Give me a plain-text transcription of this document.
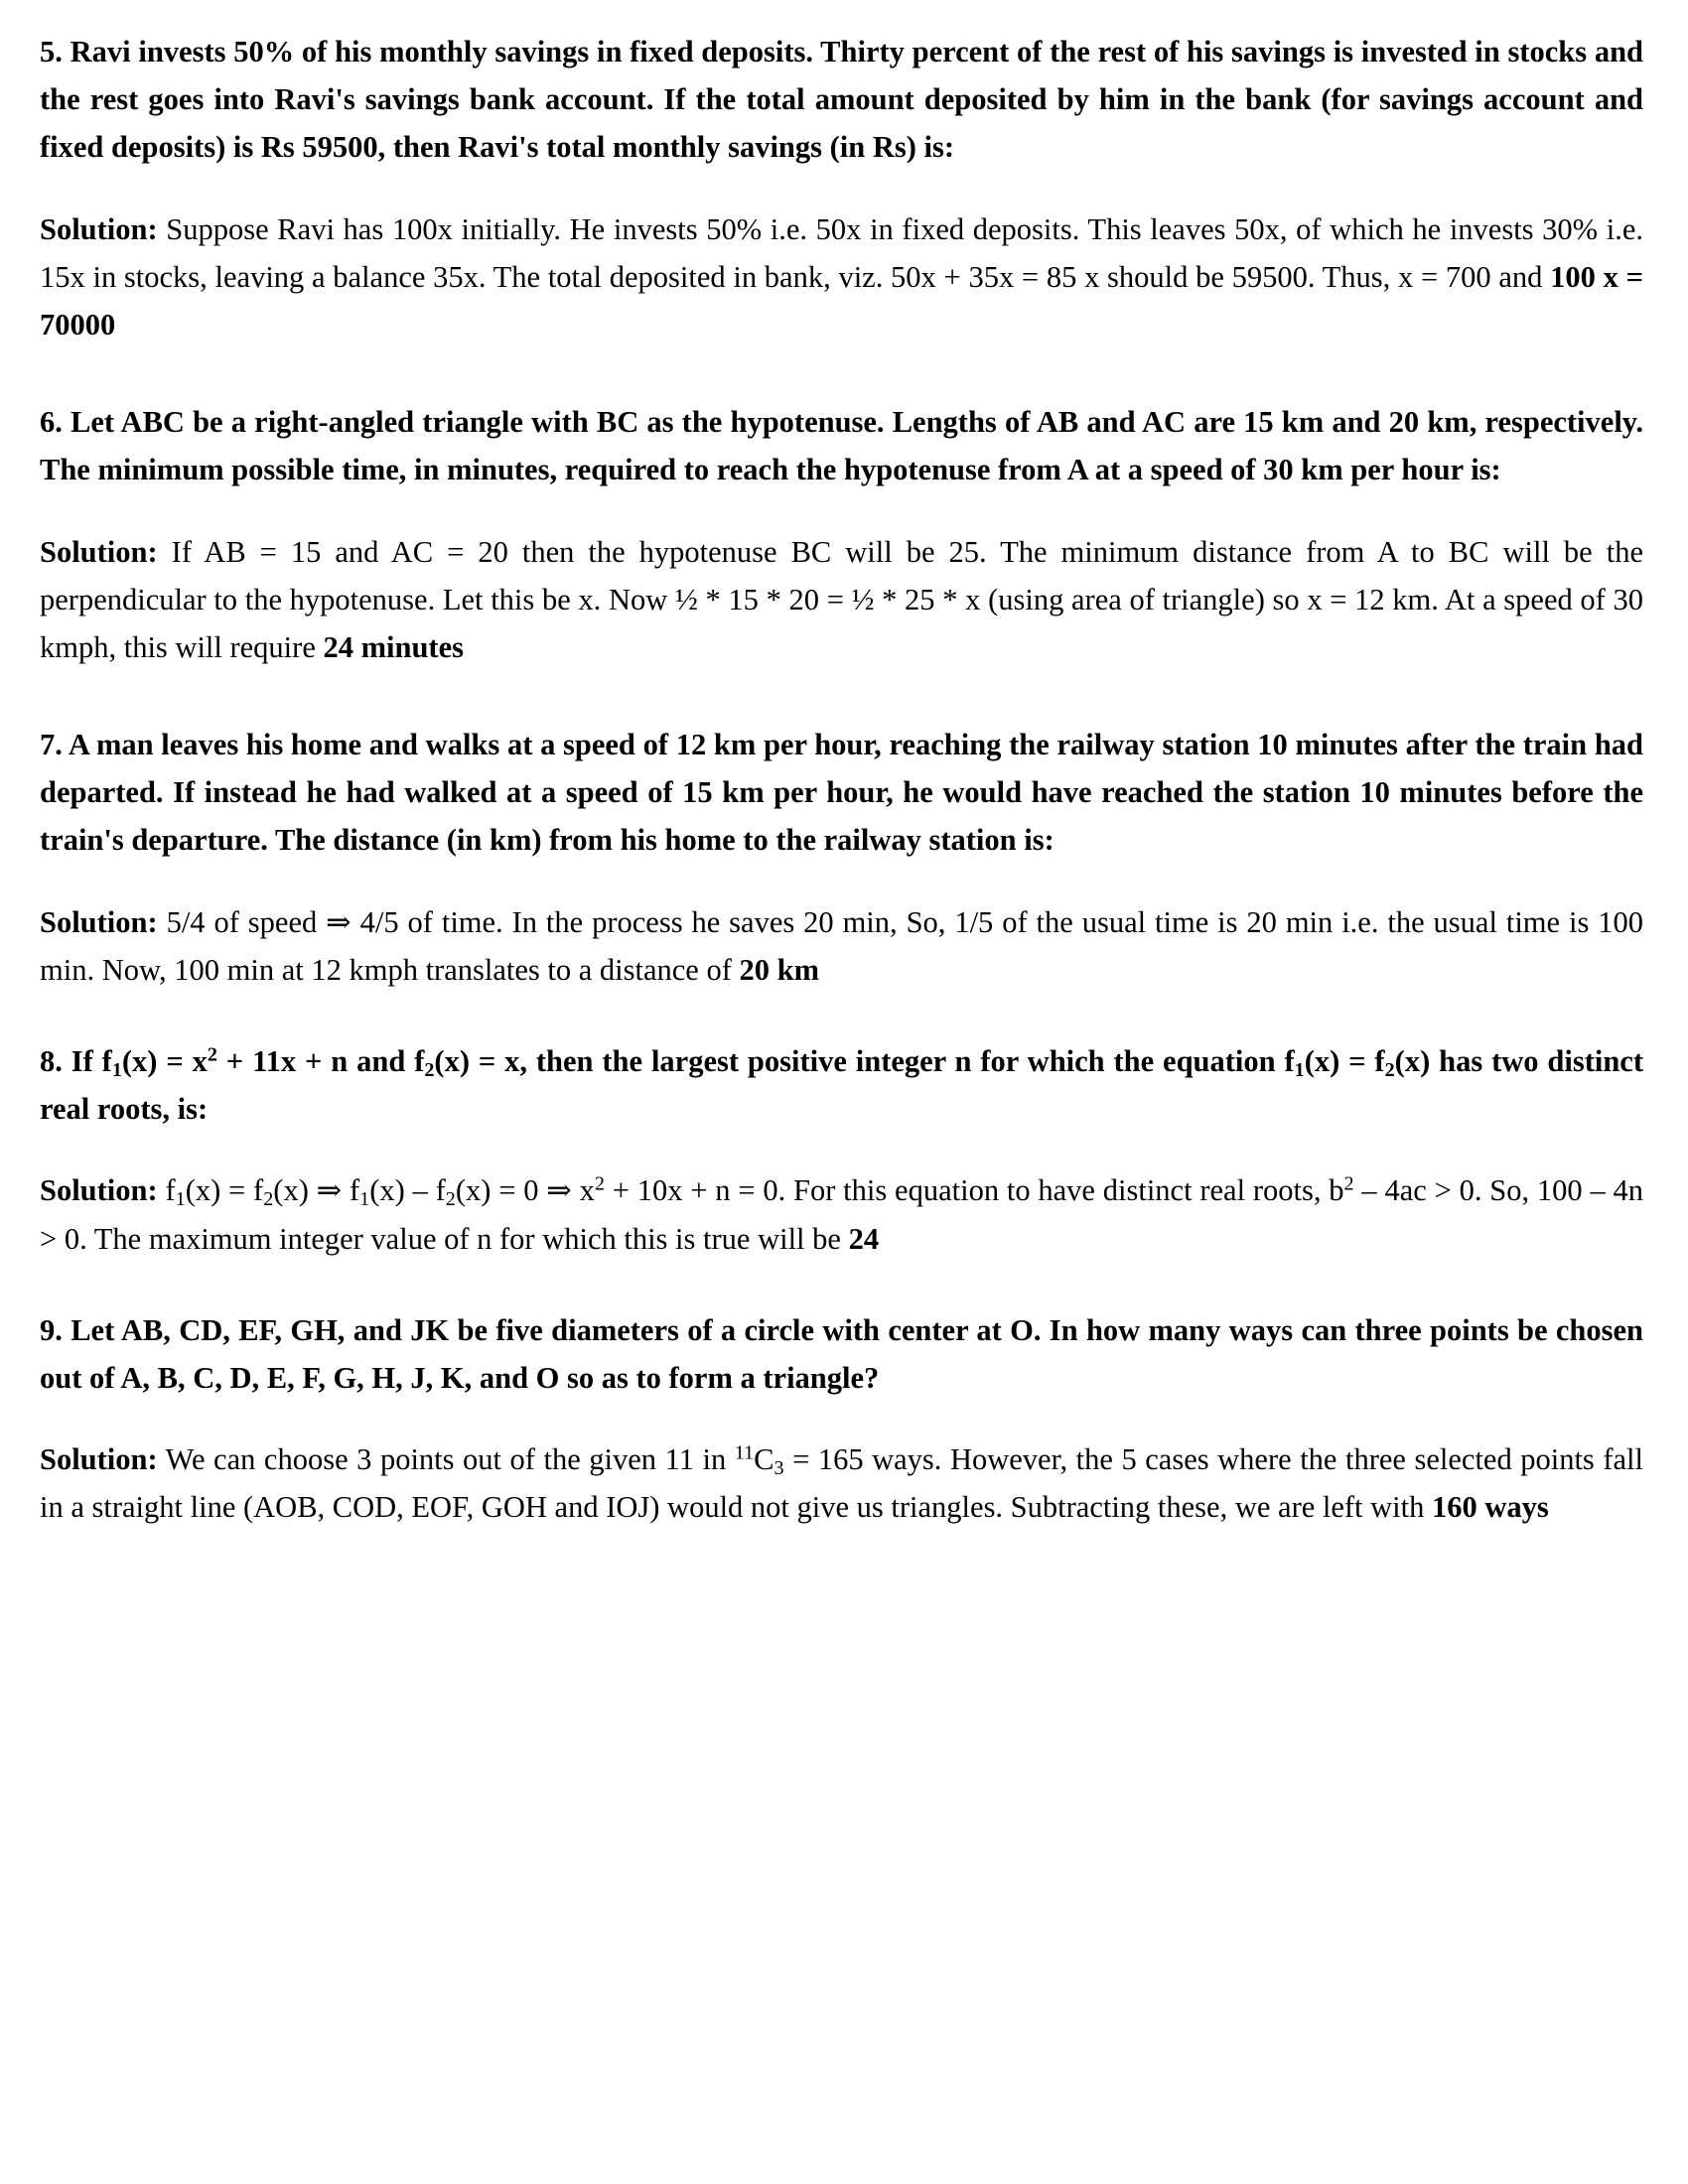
5. Ravi invests 50% of his monthly savings in fixed deposits. Thirty percent of the rest of his savings is invested in stocks and the rest goes into Ravi's savings bank account. If the total amount deposited by him in the bank (for savings account and fixed deposits) is Rs 59500, then Ravi's total monthly savings (in Rs) is:

Solution: Suppose Ravi has 100x initially. He invests 50% i.e. 50x in fixed deposits. This leaves 50x, of which he invests 30% i.e. 15x in stocks, leaving a balance 35x. The total deposited in bank, viz. 50x + 35x = 85 x should be 59500. Thus, x = 700 and 100 x = 70000

6. Let ABC be a right-angled triangle with BC as the hypotenuse. Lengths of AB and AC are 15 km and 20 km, respectively. The minimum possible time, in minutes, required to reach the hypotenuse from A at a speed of 30 km per hour is:

Solution: If AB = 15 and AC = 20 then the hypotenuse BC will be 25. The minimum distance from A to BC will be the perpendicular to the hypotenuse. Let this be x. Now ½ * 15 * 20 = ½ * 25 * x (using area of triangle) so x = 12 km. At a speed of 30 kmph, this will require 24 minutes

7. A man leaves his home and walks at a speed of 12 km per hour, reaching the railway station 10 minutes after the train had departed. If instead he had walked at a speed of 15 km per hour, he would have reached the station 10 minutes before the train's departure. The distance (in km) from his home to the railway station is:

Solution: 5/4 of speed ⇒ 4/5 of time. In the process he saves 20 min, So, 1/5 of the usual time is 20 min i.e. the usual time is 100 min. Now, 100 min at 12 kmph translates to a distance of 20 km

8. If $f_1(x) = x^2 + 11x + n$ and $f_2(x) = x$, then the largest positive integer n for which the equation $f_1(x) = f_2(x)$ has two distinct real roots, is:

Solution: $f_1(x) = f_2(x)$ ⇒ $f_1(x) - f_2(x) = 0$ ⇒ $x^2 + 10x + n = 0$. For this equation to have distinct real roots, $b^2 - 4ac > 0$. So, 100 – 4n > 0. The maximum integer value of n for which this is true will be 24

9. Let AB, CD, EF, GH, and JK be five diameters of a circle with center at O. In how many ways can three points be chosen out of A, B, C, D, E, F, G, H, J, K, and O so as to form a triangle?

Solution: We can choose 3 points out of the given 11 in $^{11}C_3 = 165$ ways. However, the 5 cases where the three selected points fall in a straight line (AOB, COD, EOF, GOH and IOJ) would not give us triangles. Subtracting these, we are left with 160 ways
